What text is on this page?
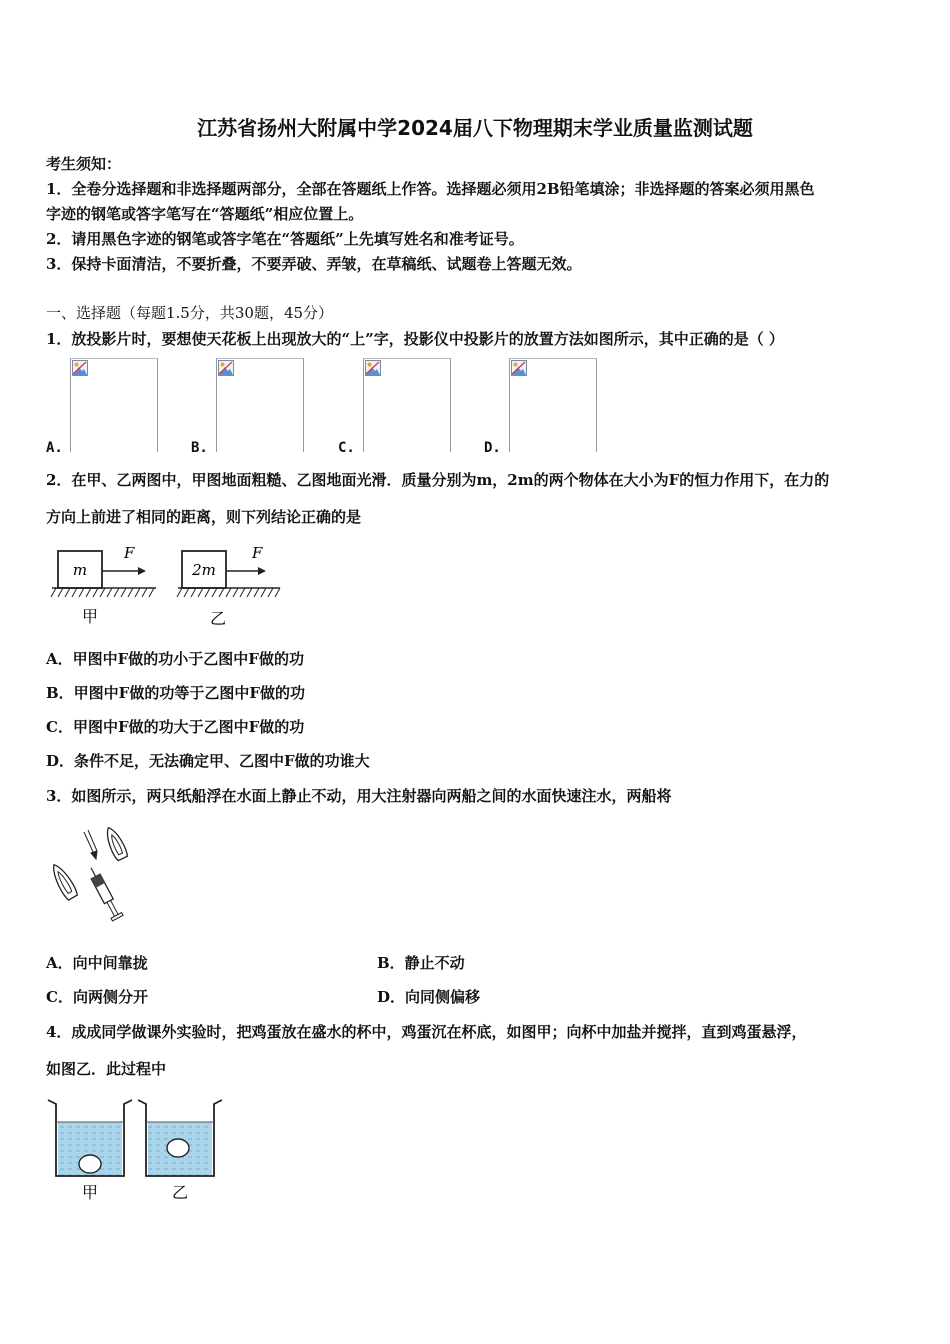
江苏省扬州大附属中学2024届八下物理期末学业质量监测试题
考生须知：
1．全卷分选择题和非选择题两部分，全部在答题纸上作答。选择题必须用2B铅笔填涂；非选择题的答案必须用黑色
字迹的钢笔或答字笔写在“答题纸”相应位置上。
2．请用黑色字迹的钢笔或答字笔在“答题纸”上先填写姓名和准考证号。
3．保持卡面清洁，不要折叠，不要弄破、弄皱，在草稿纸、试题卷上答题无效。
一、选择题（每题1.5分，共30题，45分）
1．放投影片时，要想使天花板上出现放大的“上”字，投影仪中投影片的放置方法如图所示，其中正确的是（ ）
A.	B.	C.	D.
2．在甲、乙两图中，甲图地面粗糙、乙图地面光滑．质量分别为m，2m的两个物体在大小为F的恒力作用下，在力的
方向上前进了相同的距离，则下列结论正确的是
m
F
甲
2m
F
乙
A．甲图中F做的功小于乙图中F做的功
B．甲图中F做的功等于乙图中F做的功
C．甲图中F做的功大于乙图中F做的功
D．条件不足，无法确定甲、乙图中F做的功谁大
3．如图所示，两只纸船浮在水面上静止不动，用大注射器向两船之间的水面快速注水，两船将
A．向中间靠拢	B．静止不动
C．向两侧分开	D．向同侧偏移
4．成成同学做课外实验时，把鸡蛋放在盛水的杯中，鸡蛋沉在杯底，如图甲；向杯中加盐并搅拌，直到鸡蛋悬浮，
如图乙．此过程中
甲	乙
